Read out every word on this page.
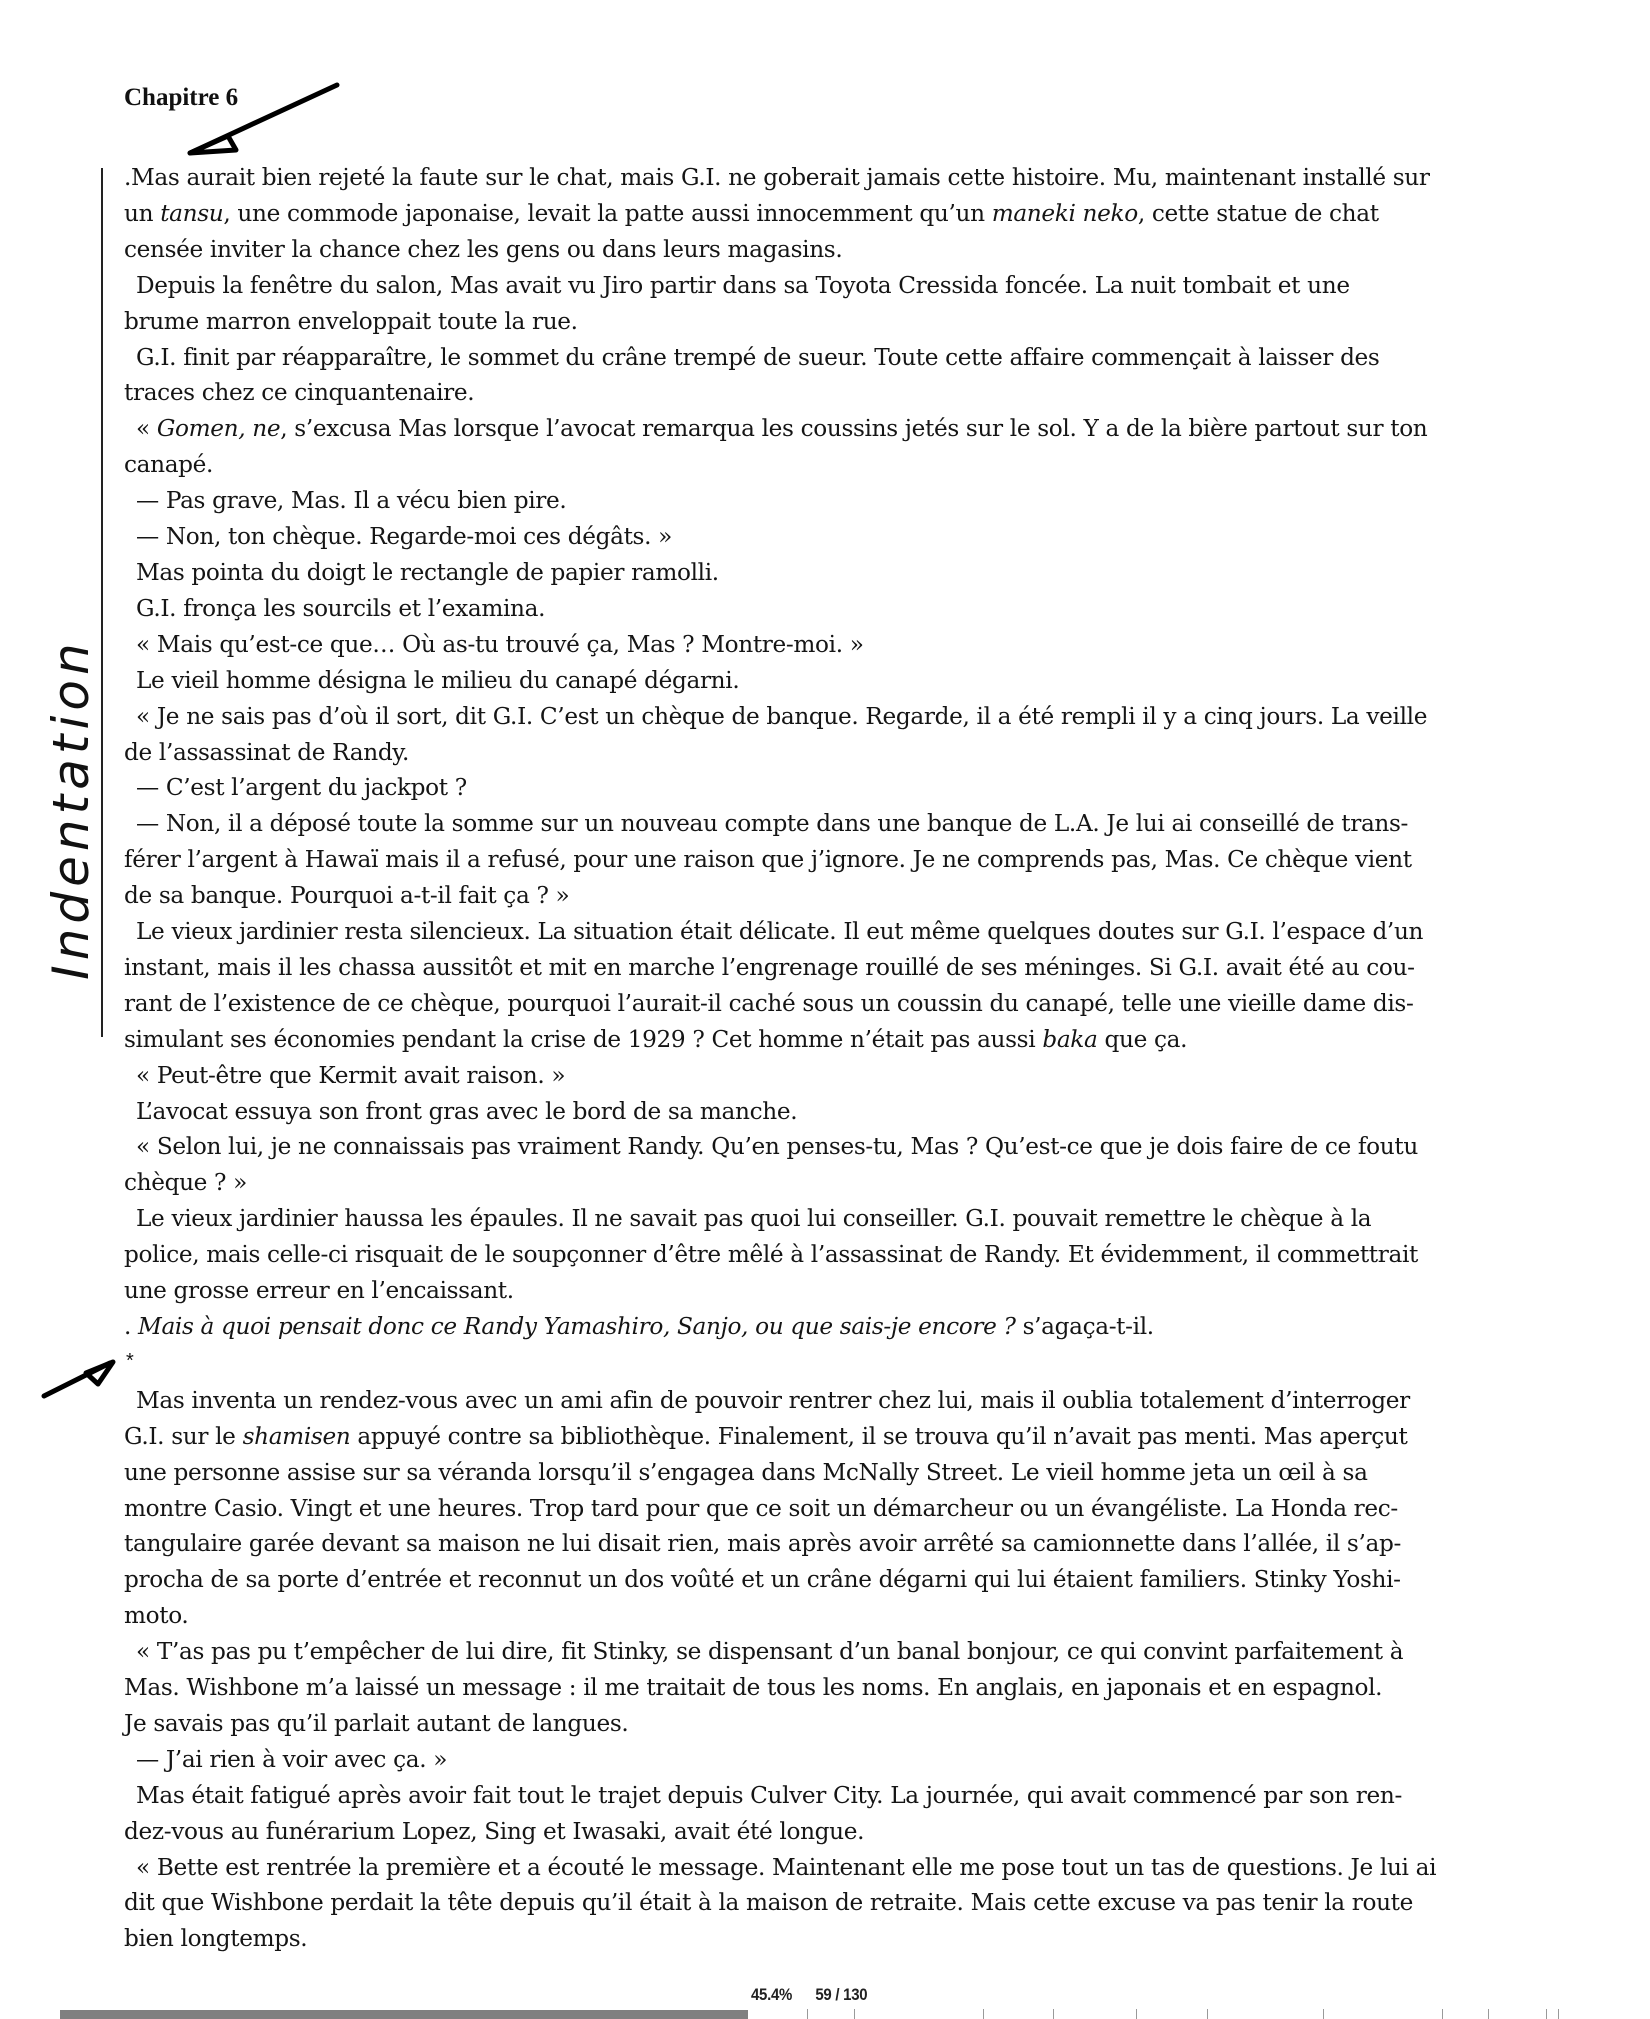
Chapitre 6
Indentation

.Mas aurait bien rejeté la faute sur le chat, mais G.I. ne goberait jamais cette histoire. Mu, maintenant installé sur

un tansu, une commode japonaise, levait la patte aussi innocemment qu’un maneki neko, cette statue de chat

censée inviter la chance chez les gens ou dans leurs magasins.

Depuis la fenêtre du salon, Mas avait vu Jiro partir dans sa Toyota Cressida foncée. La nuit tombait et une

brume marron enveloppait toute la rue.

G.I. finit par réapparaître, le sommet du crâne trempé de sueur. Toute cette affaire commençait à laisser des

traces chez ce cinquantenaire.

« Gomen, ne, s’excusa Mas lorsque l’avocat remarqua les coussins jetés sur le sol. Y a de la bière partout sur ton

canapé.

— Pas grave, Mas. Il a vécu bien pire.

— Non, ton chèque. Regarde-moi ces dégâts. »

Mas pointa du doigt le rectangle de papier ramolli.

G.I. fronça les sourcils et l’examina.

« Mais qu’est-ce que… Où as-tu trouvé ça, Mas ? Montre-moi. »

Le vieil homme désigna le milieu du canapé dégarni.

« Je ne sais pas d’où il sort, dit G.I. C’est un chèque de banque. Regarde, il a été rempli il y a cinq jours. La veille

de l’assassinat de Randy.

— C’est l’argent du jackpot ?

— Non, il a déposé toute la somme sur un nouveau compte dans une banque de L.A. Je lui ai conseillé de trans-

férer l’argent à Hawaï mais il a refusé, pour une raison que j’ignore. Je ne comprends pas, Mas. Ce chèque vient

de sa banque. Pourquoi a-t-il fait ça ? »

Le vieux jardinier resta silencieux. La situation était délicate. Il eut même quelques doutes sur G.I. l’espace d’un

instant, mais il les chassa aussitôt et mit en marche l’engrenage rouillé de ses méninges. Si G.I. avait été au cou-

rant de l’existence de ce chèque, pourquoi l’aurait-il caché sous un coussin du canapé, telle une vieille dame dis-

simulant ses économies pendant la crise de 1929 ? Cet homme n’était pas aussi baka que ça.

« Peut-être que Kermit avait raison. »

L’avocat essuya son front gras avec le bord de sa manche.

« Selon lui, je ne connaissais pas vraiment Randy. Qu’en penses-tu, Mas ? Qu’est-ce que je dois faire de ce foutu

chèque ? »

Le vieux jardinier haussa les épaules. Il ne savait pas quoi lui conseiller. G.I. pouvait remettre le chèque à la

police, mais celle-ci risquait de le soupçonner d’être mêlé à l’assassinat de Randy. Et évidemment, il commettrait

une grosse erreur en l’encaissant.

. Mais à quoi pensait donc ce Randy Yamashiro, Sanjo, ou que sais-je encore ? s’agaça-t-il.

*

Mas inventa un rendez-vous avec un ami afin de pouvoir rentrer chez lui, mais il oublia totalement d’interroger

G.I. sur le shamisen appuyé contre sa bibliothèque. Finalement, il se trouva qu’il n’avait pas menti. Mas aperçut

une personne assise sur sa véranda lorsqu’il s’engagea dans McNally Street. Le vieil homme jeta un œil à sa

montre Casio. Vingt et une heures. Trop tard pour que ce soit un démarcheur ou un évangéliste. La Honda rec-

tangulaire garée devant sa maison ne lui disait rien, mais après avoir arrêté sa camionnette dans l’allée, il s’ap-

procha de sa porte d’entrée et reconnut un dos voûté et un crâne dégarni qui lui étaient familiers. Stinky Yoshi-

moto.

« T’as pas pu t’empêcher de lui dire, fit Stinky, se dispensant d’un banal bonjour, ce qui convint parfaitement à

Mas. Wishbone m’a laissé un message : il me traitait de tous les noms. En anglais, en japonais et en espagnol.

Je savais pas qu’il parlait autant de langues.

— J’ai rien à voir avec ça. »

Mas était fatigué après avoir fait tout le trajet depuis Culver City. La journée, qui avait commencé par son ren-

dez-vous au funérarium Lopez, Sing et Iwasaki, avait été longue.

« Bette est rentrée la première et a écouté le message. Maintenant elle me pose tout un tas de questions. Je lui ai

dit que Wishbone perdait la tête depuis qu’il était à la maison de retraite. Mais cette excuse va pas tenir la route

bien longtemps.

45.4% 59 / 130
